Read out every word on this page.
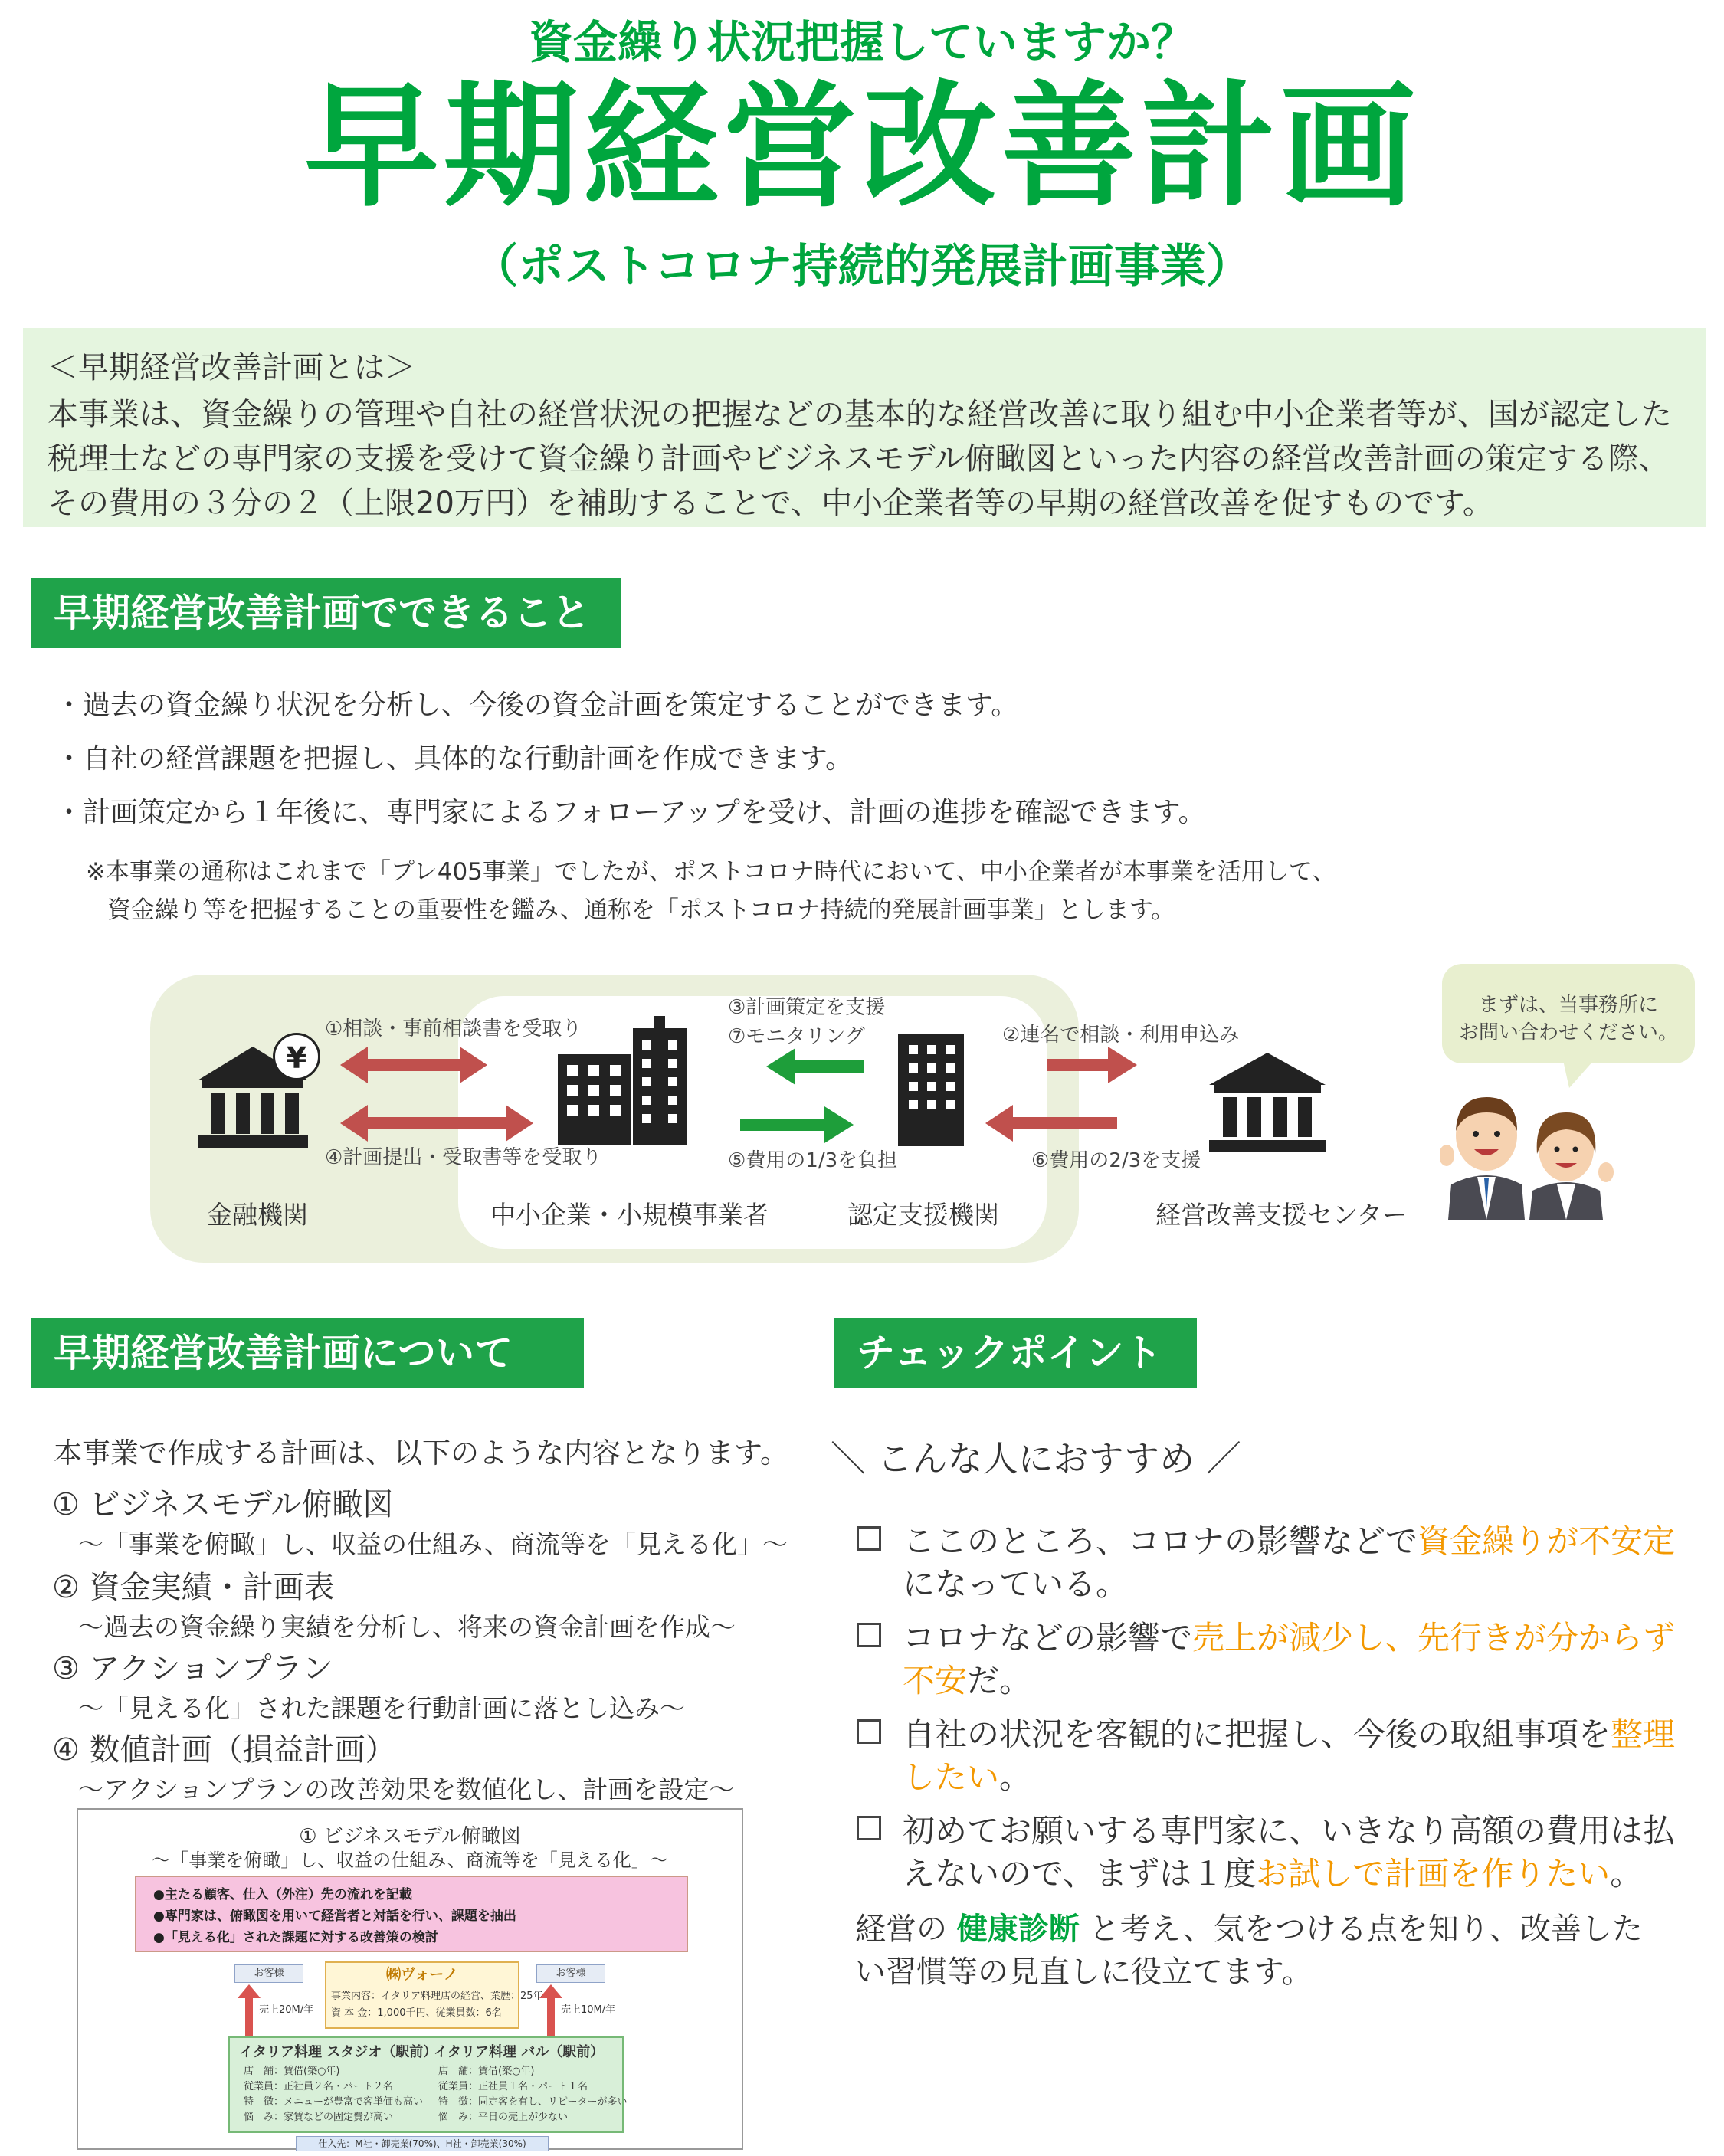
資金繰り状況把握していますか？
早期経営改善計画
（ポストコロナ持続的発展計画事業）
＜早期経営改善計画とは＞
本事業は、資金繰りの管理や自社の経営状況の把握などの基本的な経営改善に取り組む中小企業者等が、国が認定した税理士などの専門家の支援を受けて資金繰り計画やビジネスモデル俯瞰図といった内容の経営改善計画の策定する際、その費用の３分の２（上限20万円）を補助することで、中小企業者等の早期の経営改善を促すものです。
早期経営改善計画でできること
・過去の資金繰り状況を分析し、今後の資金計画を策定することができます。
・自社の経営課題を把握し、具体的な行動計画を作成できます。
・計画策定から１年後に、専門家によるフォローアップを受け、計画の進捗を確認できます。
※本事業の通称はこれまで「プレ405事業」でしたが、ポストコロナ時代において、中小企業者が本事業を活用して、
資金繰り等を把握することの重要性を鑑み、通称を「ポストコロナ持続的発展計画事業」とします。
¥
①相談・事前相談書を受取り
④計画提出・受取書等を受取り
③計画策定を支援
⑦モニタリング
⑤費用の1/3を負担
②連名で相談・利用申込み
⑥費用の2/3を支援
金融機関	中小企業・小規模事業者	認定支援機関	経営改善支援センター
まずは、当事務所に
お問い合わせください。
早期経営改善計画について
本事業で作成する計画は、以下のような内容となります。
① ビジネスモデル俯瞰図
～「事業を俯瞰」し、収益の仕組み、商流等を「見える化」～
② 資金実績・計画表
～過去の資金繰り実績を分析し、将来の資金計画を作成～
③ アクションプラン
～「見える化」された課題を行動計画に落とし込み～
④ 数値計画（損益計画）
～アクションプランの改善効果を数値化し、計画を設定～
① ビジネスモデル俯瞰図
～「事業を俯瞰」し、収益の仕組み、商流等を「見える化」～
●主たる顧客、仕入（外注）先の流れを記載
●専門家は、俯瞰図を用いて経営者と対話を行い、課題を抽出
●「見える化」された課題に対する改善策の検討
お客様	お客様
売上20M/年	売上10M/年
㈱ヴォーノ
事業内容：イタリア料理店の経営、業歴：25年
資 本 金：1,000千円、従業員数：6名
イタリア料理 スタジオ（駅前）
店　舗：賃借(築○年)
従業員：正社員２名・パート２名
特　徴：メニューが豊富で客単価も高い
悩　み：家賃などの固定費が高い
イタリア料理 バル（駅前）
店　舗：賃借(築○年)
従業員：正社員１名・パート１名
特　徴：固定客を有し、リピーターが多い
悩　み：平日の売上が少ない
仕入先：M社・卸売業(70%)、H社・卸売業(30%)
チェックポイント
＼ こんな人におすすめ ／
ここのところ、コロナの影響などで資金繰りが不安定になっている。
コロナなどの影響で売上が減少し、先行きが分からず不安だ。
自社の状況を客観的に把握し、今後の取組事項を整理したい。
初めてお願いする専門家に、いきなり高額の費用は払えないので、まずは１度お試しで計画を作りたい。
経営の 健康診断 と考え、気をつける点を知り、改善したい習慣等の見直しに役立てます。
